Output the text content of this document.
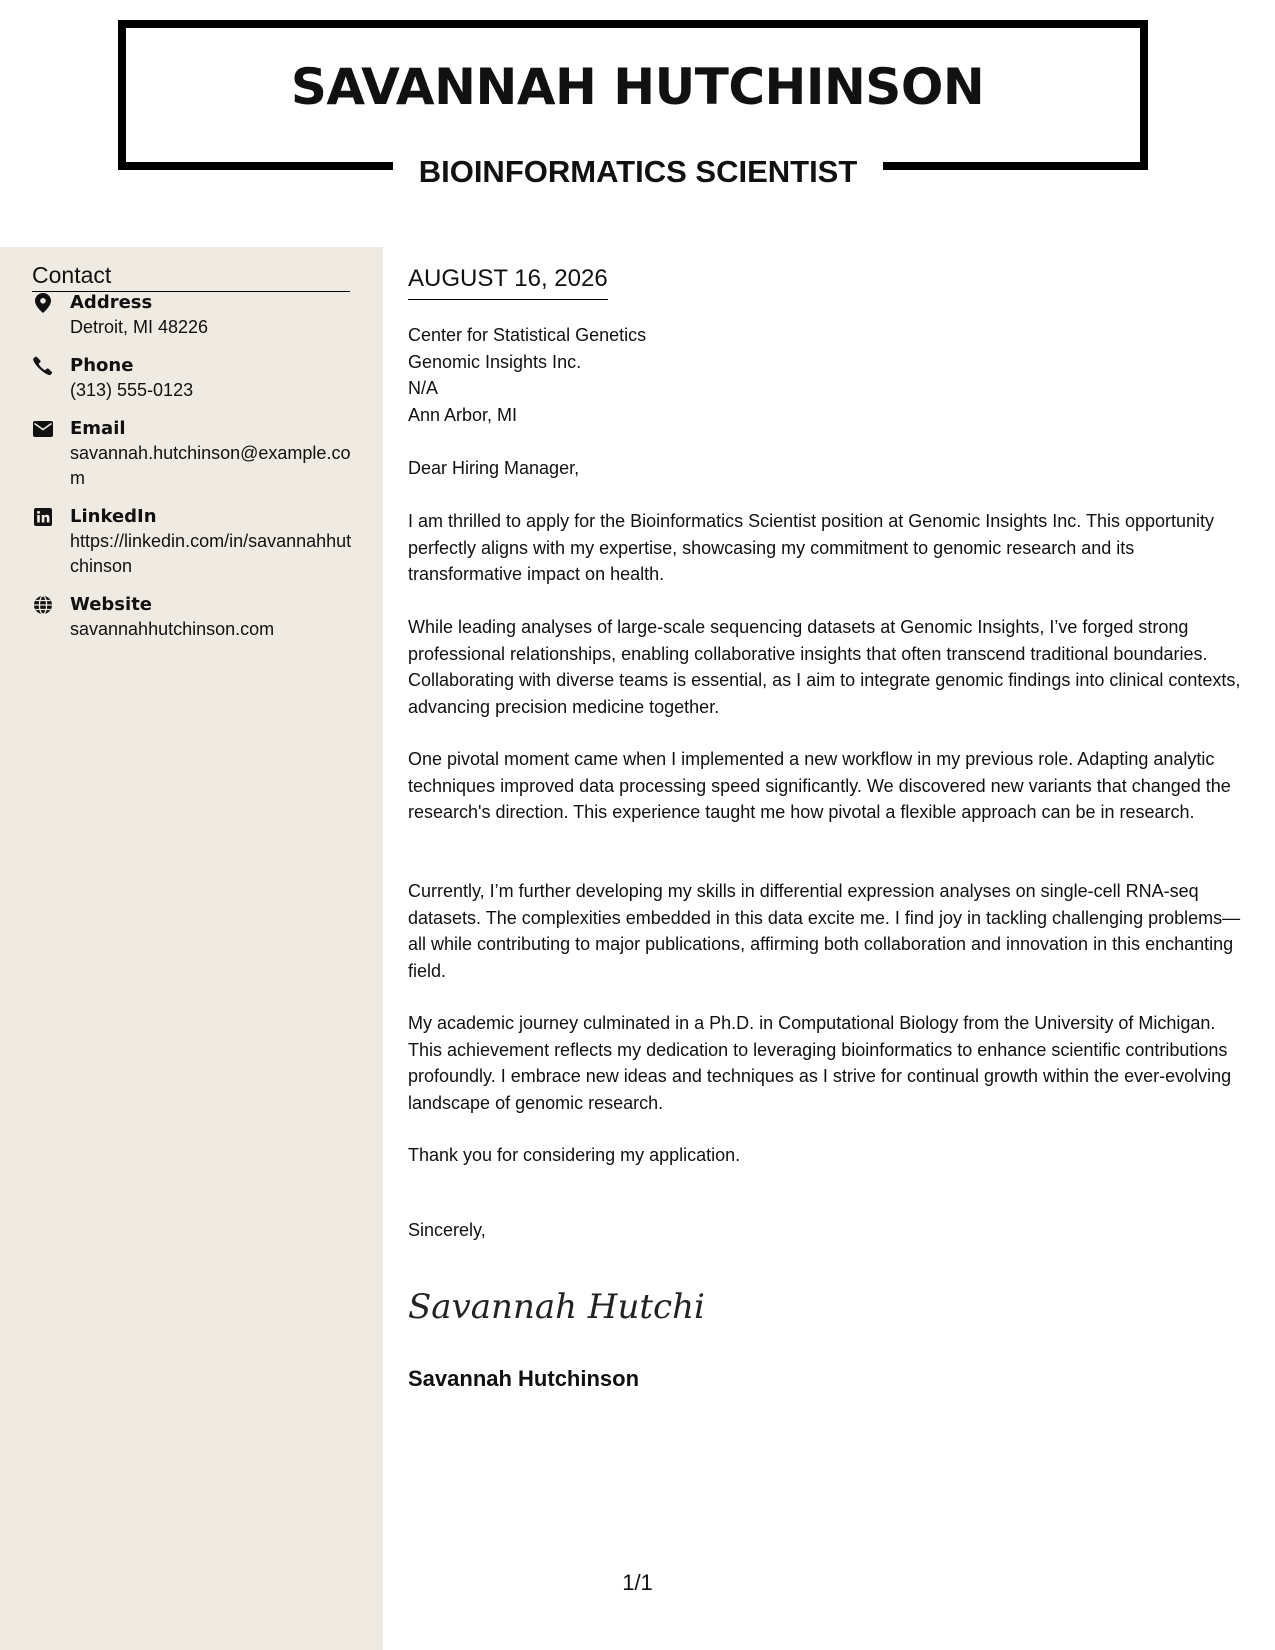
SAVANNAH HUTCHINSON
BIOINFORMATICS SCIENTIST
Contact
Address
Detroit, MI 48226
Phone
(313) 555-0123
Email
savannah.hutchinson@example.com
LinkedIn
https://linkedin.com/in/savannahhutchinson
Website
savannahhutchinson.com
AUGUST 16, 2026
Center for Statistical Genetics
Genomic Insights Inc.
N/A
Ann Arbor, MI
Dear Hiring Manager,

I am thrilled to apply for the Bioinformatics Scientist position at Genomic Insights Inc. This opportunity perfectly aligns with my expertise, showcasing my commitment to genomic research and its transformative impact on health.

While leading analyses of large-scale sequencing datasets at Genomic Insights, I’ve forged strong professional relationships, enabling collaborative insights that often transcend traditional boundaries. Collaborating with diverse teams is essential, as I aim to integrate genomic findings into clinical contexts, advancing precision medicine together.

One pivotal moment came when I implemented a new workflow in my previous role. Adapting analytic techniques improved data processing speed significantly. We discovered new variants that changed the research's direction. This experience taught me how pivotal a flexible approach can be in research.

Currently, I’m further developing my skills in differential expression analyses on single-cell RNA-seq datasets. The complexities embedded in this data excite me. I find joy in tackling challenging problems—all while contributing to major publications, affirming both collaboration and innovation in this enchanting field.

My academic journey culminated in a Ph.D. in Computational Biology from the University of Michigan. This achievement reflects my dedication to leveraging bioinformatics to enhance scientific contributions profoundly. I embrace new ideas and techniques as I strive for continual growth within the ever-evolving landscape of genomic research.

Thank you for considering my application.

Sincerely,
Savannah Hutchi
Savannah Hutchinson
1/1
